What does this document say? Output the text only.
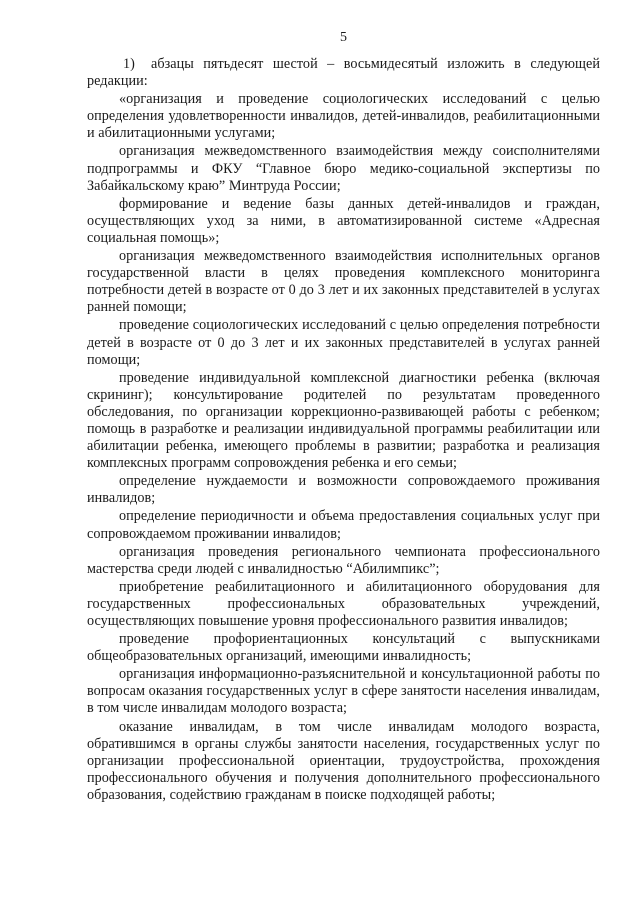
5

1) абзацы пятьдесят шестой – восьмидесятый изложить в следующей редакции:

«организация и проведение социологических исследований с целью определения удовлетворенности инвалидов, детей-инвалидов, реабилитационными и абилитационными услугами;

организация межведомственного взаимодействия между соисполнителями подпрограммы и ФКУ “Главное бюро медико-социальной экспертизы по Забайкальскому краю” Минтруда России;

формирование и ведение базы данных детей-инвалидов и граждан, осуществляющих уход за ними, в автоматизированной системе «Адресная социальная помощь»;

организация межведомственного взаимодействия исполнительных органов государственной власти в целях проведения комплексного мониторинга потребности детей в возрасте от 0 до 3 лет и их законных представителей в услугах ранней помощи;

проведение социологических исследований с целью определения потребности детей в возрасте от 0 до 3 лет и их законных представителей в услугах ранней помощи;

проведение индивидуальной комплексной диагностики ребенка (включая скрининг); консультирование родителей по результатам проведенного обследования, по организации коррекционно-развивающей работы с ребенком; помощь в разработке и реализации индивидуальной программы реабилитации или абилитации ребенка, имеющего проблемы в развитии; разработка и реализация комплексных программ сопровождения ребенка и его семьи;

определение нуждаемости и возможности сопровождаемого проживания инвалидов;

определение периодичности и объема предоставления социальных услуг при сопровождаемом проживании инвалидов;

организация проведения регионального чемпионата профессионального мастерства среди людей с инвалидностью “Абилимпикс”;

приобретение реабилитационного и абилитационного оборудования для государственных профессиональных образовательных учреждений, осуществляющих повышение уровня профессионального развития инвалидов;

проведение профориентационных консультаций с выпускниками общеобразовательных организаций, имеющими инвалидность;

организация информационно-разъяснительной и консультационной работы по вопросам оказания государственных услуг в сфере занятости населения инвалидам, в том числе инвалидам молодого возраста;

оказание инвалидам, в том числе инвалидам молодого возраста, обратившимся в органы службы занятости населения, государственных услуг по организации профессиональной ориентации, трудоустройства, прохождения профессионального обучения и получения дополнительного профессионального образования, содействию гражданам в поиске подходящей работы;
